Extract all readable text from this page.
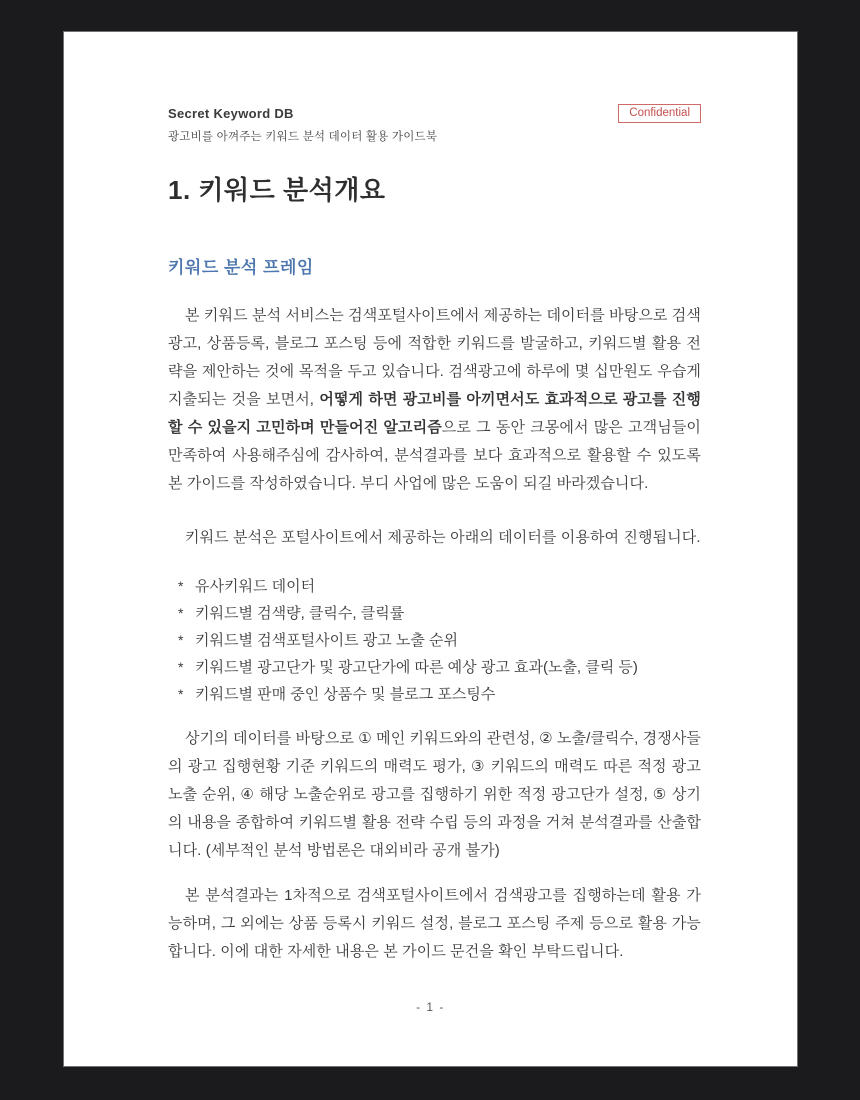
Secret Keyword DB
광고비를 아껴주는 키워드 분석 데이터 활용 가이드북
Confidential
1. 키워드 분석개요
키워드 분석 프레임

본 키워드 분석 서비스는 검색포털사이트에서 제공하는 데이터를 바탕으로 검색광고, 상품등록, 블로그 포스팅 등에 적합한 키워드를 발굴하고, 키워드별 활용 전략을 제안하는 것에 목적을 두고 있습니다. 검색광고에 하루에 몇 십만원도 우습게 지출되는 것을 보면서, 어떻게 하면 광고비를 아끼면서도 효과적으로 광고를 진행할 수 있을지 고민하며 만들어진 알고리즘으로 그 동안 크몽에서 많은 고객님들이 만족하여 사용해주심에 감사하여, 분석결과를 보다 효과적으로 활용할 수 있도록 본 가이드를 작성하였습니다. 부디 사업에 많은 도움이 되길 바라겠습니다.

키워드 분석은 포털사이트에서 제공하는 아래의 데이터를 이용하여 진행됩니다.

* 유사키워드 데이터
* 키워드별 검색량, 클릭수, 클릭률
* 키워드별 검색포털사이트 광고 노출 순위
* 키워드별 광고단가 및 광고단가에 따른 예상 광고 효과(노출, 클릭 등)
* 키워드별 판매 중인 상품수 및 블로그 포스팅수

상기의 데이터를 바탕으로 ① 메인 키워드와의 관련성, ② 노출/클릭수, 경쟁사들의 광고 집행현황 기준 키워드의 매력도 평가, ③ 키워드의 매력도 따른 적정 광고 노출 순위, ④ 해당 노출순위로 광고를 집행하기 위한 적정 광고단가 설정, ⑤ 상기의 내용을 종합하여 키워드별 활용 전략 수립 등의 과정을 거쳐 분석결과를 산출합니다. (세부적인 분석 방법론은 대외비라 공개 불가)

본 분석결과는 1차적으로 검색포털사이트에서 검색광고를 집행하는데 활용 가능하며, 그 외에는 상품 등록시 키워드 설정, 블로그 포스팅 주제 등으로 활용 가능합니다. 이에 대한 자세한 내용은 본 가이드 문건을 확인 부탁드립니다.

- 1 -
